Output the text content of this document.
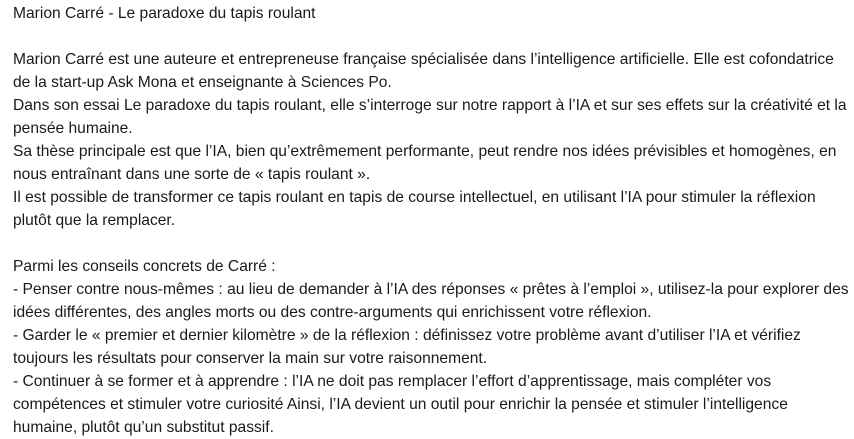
Marion Carré - Le paradoxe du tapis roulant

Marion Carré est une auteure et entrepreneuse française spécialisée dans l’intelligence artificielle. Elle est cofondatrice de la start-up Ask Mona et enseignante à Sciences Po.

Dans son essai Le paradoxe du tapis roulant, elle s’interroge sur notre rapport à l’IA et sur ses effets sur la créativité et la pensée humaine.

Sa thèse principale est que l’IA, bien qu’extrêmement performante, peut rendre nos idées prévisibles et homogènes, en nous entraînant dans une sorte de « tapis roulant ».

Il est possible de transformer ce tapis roulant en tapis de course intellectuel, en utilisant l’IA pour stimuler la réflexion plutôt que la remplacer.

Parmi les conseils concrets de Carré :

- Penser contre nous-mêmes : au lieu de demander à l’IA des réponses « prêtes à l’emploi », utilisez-la pour explorer des idées différentes, des angles morts ou des contre-arguments qui enrichissent votre réflexion.

- Garder le « premier et dernier kilomètre » de la réflexion : définissez votre problème avant d’utiliser l’IA et vérifiez toujours les résultats pour conserver la main sur votre raisonnement.

- Continuer à se former et à apprendre : l’IA ne doit pas remplacer l’effort d’apprentissage, mais compléter vos compétences et stimuler votre curiosité Ainsi, l’IA devient un outil pour enrichir la pensée et stimuler l’intelligence humaine, plutôt qu’un substitut passif.
